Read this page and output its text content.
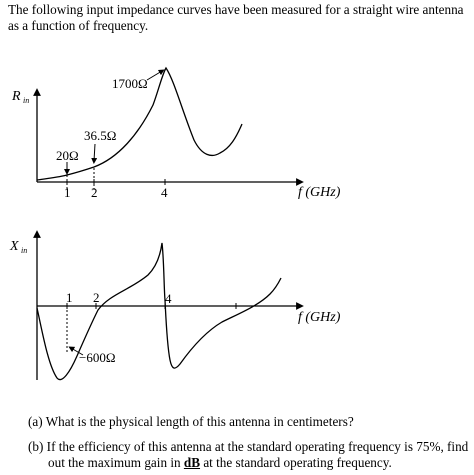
The following input impedance curves have been measured for a straight wire antenna as a function of frequency.
R in
1 2	4	f (GHz)
20Ω
36.5Ω
1700Ω
X in
1 2	4
f (GHz)
−600Ω
(a) What is the physical length of this antenna in centimeters?
(b) If the efficiency of this antenna at the standard operating frequency is 75%, find
out the maximum gain in dB at the standard operating frequency.
